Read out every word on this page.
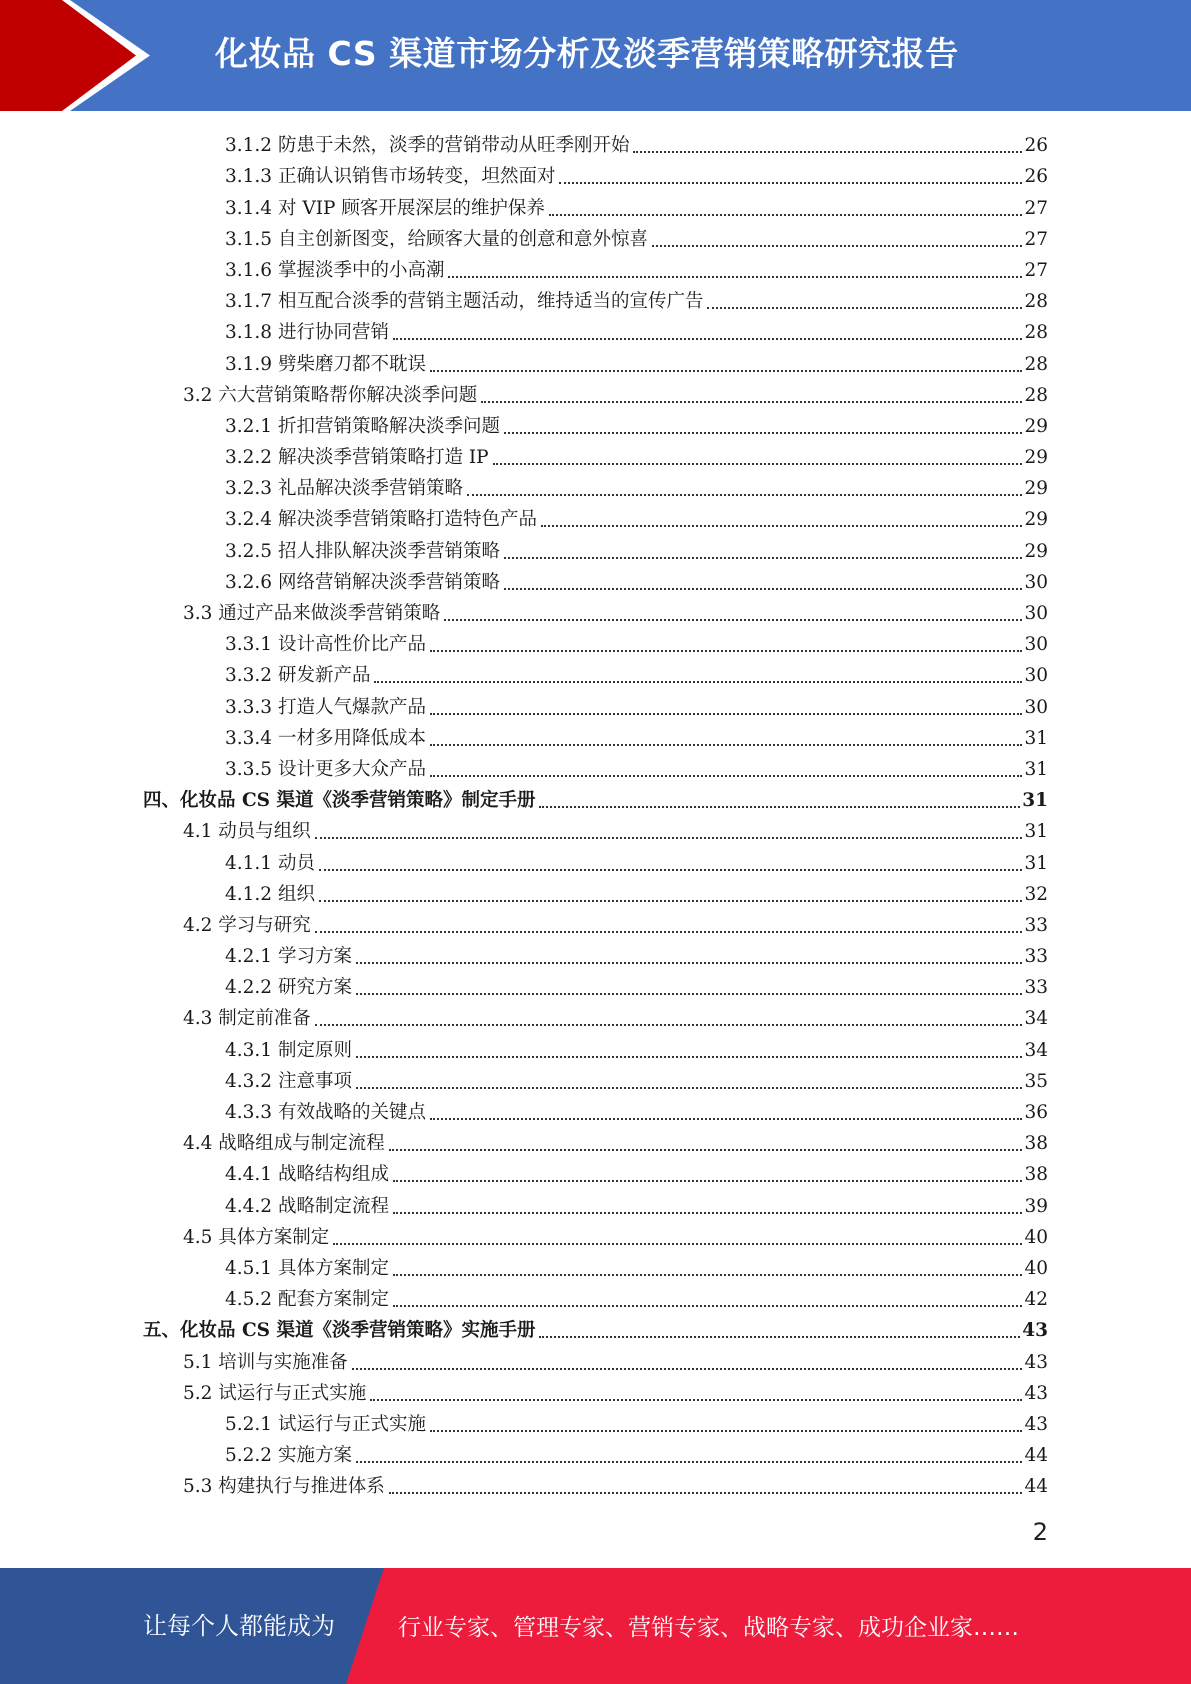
化妆品 CS 渠道市场分析及淡季营销策略研究报告
3.1.2 防患于未然，淡季的营销带动从旺季刚开始	26
3.1.3 正确认识销售市场转变，坦然面对	26
3.1.4 对 VIP 顾客开展深层的维护保养	27
3.1.5 自主创新图变，给顾客大量的创意和意外惊喜	27
3.1.6 掌握淡季中的小高潮	27
3.1.7 相互配合淡季的营销主题活动，维持适当的宣传广告	28
3.1.8 进行协同营销	28
3.1.9 劈柴磨刀都不耽误	28
3.2 六大营销策略帮你解决淡季问题	28
3.2.1 折扣营销策略解决淡季问题	29
3.2.2 解决淡季营销策略打造 IP	29
3.2.3 礼品解决淡季营销策略	29
3.2.4 解决淡季营销策略打造特色产品	29
3.2.5 招人排队解决淡季营销策略	29
3.2.6 网络营销解决淡季营销策略	30
3.3 通过产品来做淡季营销策略	30
3.3.1 设计高性价比产品	30
3.3.2 研发新产品	30
3.3.3 打造人气爆款产品	30
3.3.4 一材多用降低成本	31
3.3.5 设计更多大众产品	31
四、化妆品 CS 渠道《淡季营销策略》制定手册	31
4.1 动员与组织	31
4.1.1 动员	31
4.1.2 组织	32
4.2 学习与研究	33
4.2.1 学习方案	33
4.2.2 研究方案	33
4.3 制定前准备	34
4.3.1 制定原则	34
4.3.2 注意事项	35
4.3.3 有效战略的关键点	36
4.4 战略组成与制定流程	38
4.4.1 战略结构组成	38
4.4.2 战略制定流程	39
4.5 具体方案制定	40
4.5.1 具体方案制定	40
4.5.2 配套方案制定	42
五、化妆品 CS 渠道《淡季营销策略》实施手册	43
5.1 培训与实施准备	43
5.2 试运行与正式实施	43
5.2.1 试运行与正式实施	43
5.2.2 实施方案	44
5.3 构建执行与推进体系	44
2
让每个人都能成为	行业专家、管理专家、营销专家、战略专家、成功企业家……
